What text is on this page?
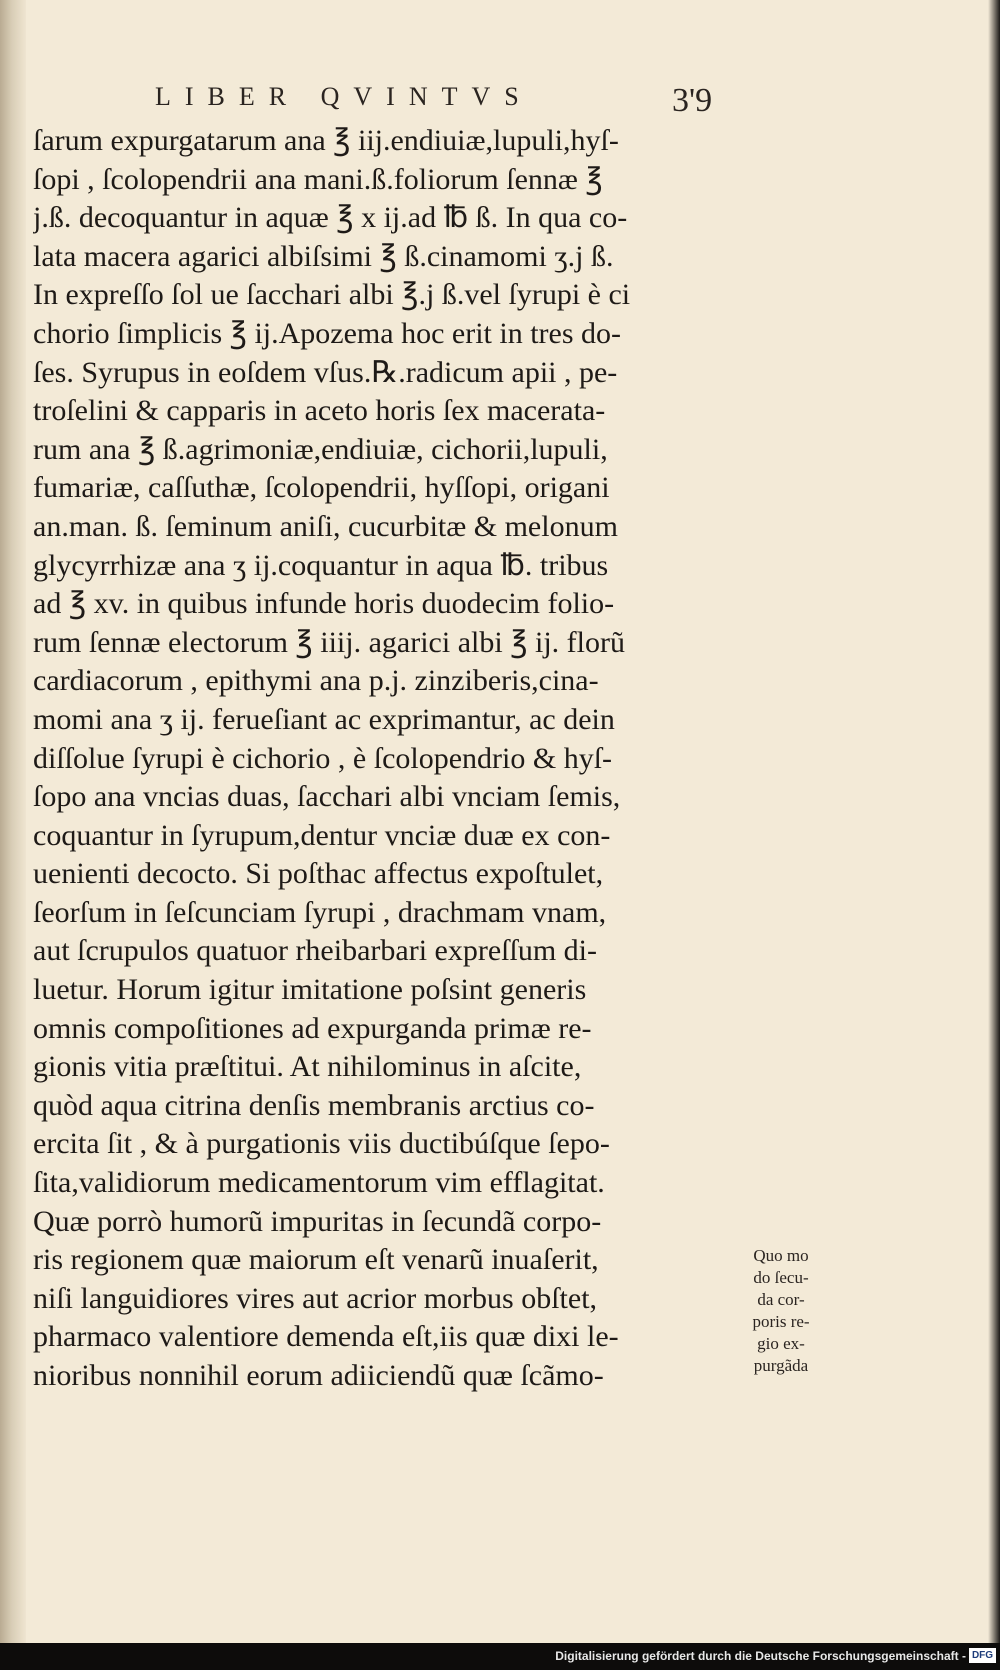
LIBER QVINTVS	3'9
ſarum expurgatarum ana ℥ iij.endiuiæ,lupuli,hyſ-
ſopi , ſcolopendrii ana mani.ß.foliorum ſennæ ℥
j.ß. decoquantur in aquæ ℥ x ij.ad ℔ ß. In qua co-
lata macera agarici albiſsimi ℥ ß.cinamomi ʒ.j ß.
In expreſſo ſol ue ſacchari albi ℥.j ß.vel ſyrupi è ci
chorio ſimplicis ℥ ij.Apozema hoc erit in tres do-
ſes. Syrupus in eoſdem vſus.℞.radicum apii , pe-
troſelini & capparis in aceto horis ſex macerata-
rum ana ℥ ß.agrimoniæ,endiuiæ, cichorii,lupuli,
fumariæ, caſſuthæ, ſcolopendrii, hyſſopi, origani
an.man. ß. ſeminum aniſi, cucurbitæ & melonum
glycyrrhizæ ana ʒ ij.coquantur in aqua ℔. tribus
ad ℥ xv. in quibus infunde horis duodecim folio-
rum ſennæ electorum ℥ iiij. agarici albi ℥ ij. florũ
cardiacorum , epithymi ana p.j. zinziberis,cina-
momi ana ʒ ij. ferueſiant ac exprimantur, ac dein
diſſolue ſyrupi è cichorio , è ſcolopendrio & hyſ-
ſopo ana vncias duas, ſacchari albi vnciam ſemis,
coquantur in ſyrupum,dentur vnciæ duæ ex con-
uenienti decocto. Si poſthac affectus expoſtulet,
ſeorſum in ſeſcunciam ſyrupi , drachmam vnam,
aut ſcrupulos quatuor rheibarbari expreſſum di-
luetur. Horum igitur imitatione poſsint generis
omnis compoſitiones ad expurganda primæ re-
gionis vitia præſtitui. At nihilominus in aſcite,
quòd aqua citrina denſis membranis arctius co-
ercita ſit , & à purgationis viis ductibúſque ſepo-
ſita,validiorum medicamentorum vim efflagitat.
Quæ porrò humorũ impuritas in ſecundã corpo-
ris regionem quæ maiorum eſt venarũ inuaſerit,
niſi languidiores vires aut acrior morbus obſtet,
pharmaco valentiore demenda eſt,iis quæ dixi le-
nioribus nonnihil eorum adiiciendũ quæ ſcãmo-
Quo mo
do ſecu-
da cor-
poris re-
gio ex-
purgãda
Digitalisierung gefördert durch die Deutsche Forschungsgemeinschaft - DFG
